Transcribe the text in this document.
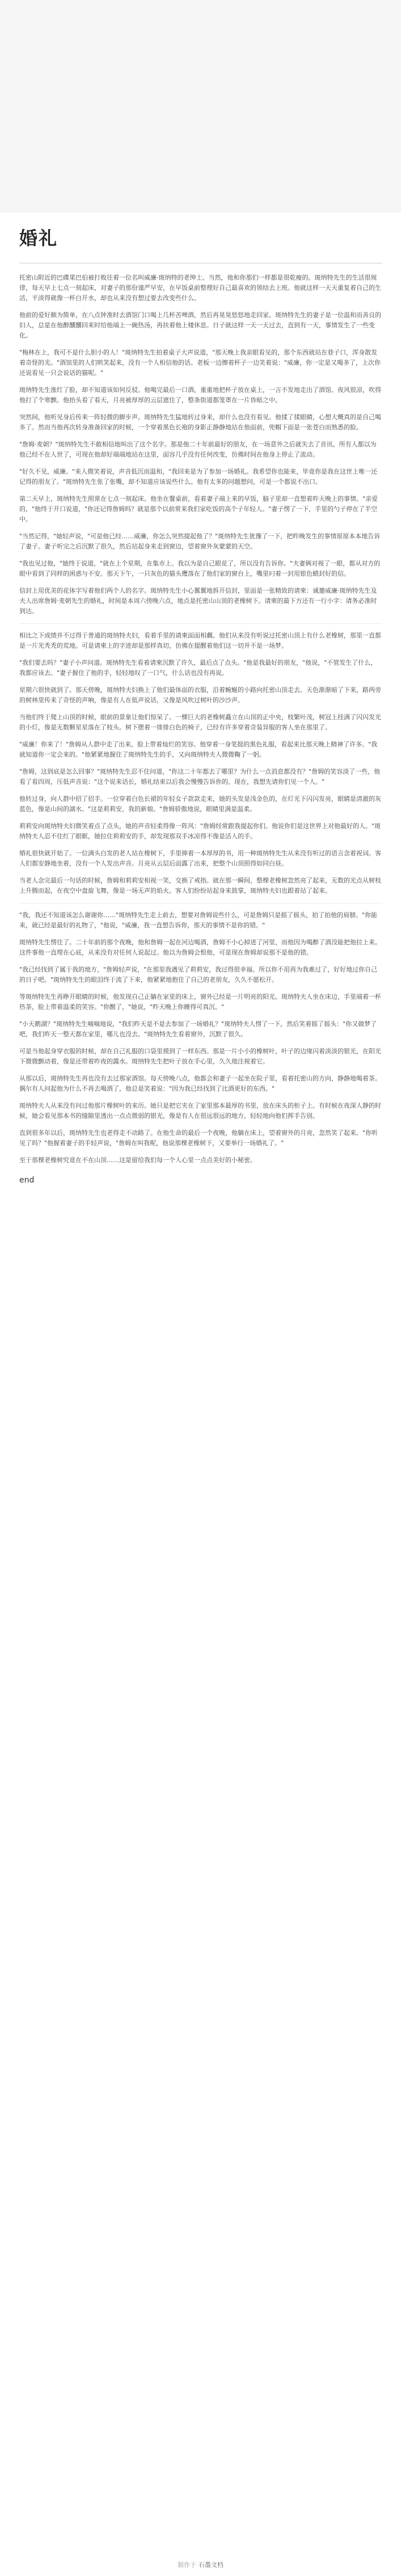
婚礼

托密山附近的巴碟果巴伯被打败往着一位名叫威廉·斑纳特的老绅士。当然，他和你那们一样都是很乾瘦的。斑纳特先生的生活很规律，每天早上七点一刻起床，对妻子的那份谨严早安，在早饭桌前整理好自己最喜欢的领结去上班。他就这样一天天重复着自己的生活，平淡得就像一杯白开水，却也从来没有想过要去改变些什么。

他前的爱好颇为简单，在八点钟准时去酒馆门口喝上几杯苦啤酒，然后再晃晃悠悠地走回家。斑纳特先生的妻子是一位温和而善良的妇人，总是在他醉醺醺回来时给他端上一碗热汤，再扶着他上楼休息。日子就这样一天一天过去，直到有一天，事情发生了一些变化。

"梅林在上，我可不是什么胆小的人！"斑纳特先生拍着桌子大声说道，"那天晚上我亲眼看见的，那个东西就站在巷子口，浑身散发着奇怪的光。"酒馆里的人们哄笑起来，没有一个人相信他的话。老板一边擦着杯子一边笑着说："威廉，你一定是又喝多了，上次你还说看见一只会说话的猫呢。"

斑纳特先生涨红了脸，却不知道该如何反驳。他喝完最后一口酒，重重地把杯子放在桌上，一言不发地走出了酒馆。夜风很凉，吹得他打了个寒颤。他抬头看了看天，月亮被厚厚的云层遮住了，整条街道都笼罩在一片昏暗之中。

突然间，他听见身后传来一阵轻微的脚步声。斑纳特先生猛地转过身来，却什么也没有看见。他揉了揉眼睛，心想大概真的是自己喝多了。然而当他再次转身准备回家的时候，一个穿着黑色长袍的身影正静静地站在他面前，兜帽下面是一张苍白而熟悉的脸。

"詹姆·麦朝？"斑纳特先生不敢相信地叫出了这个名字。那是他二十年前最好的朋友，在一场意外之后就失去了音讯。所有人都以为他已经不在人世了，可现在他却好端端地站在这里，面容几乎没有任何改变，仿佛时间在他身上停止了流动。

"好久不见，威廉。"来人微笑着说，声音低沉而温和，"我回来是为了参加一场婚礼。我希望你也能来，毕竟你是我在这世上唯一还记得的朋友了。"斑纳特先生张了张嘴，却不知道应该说些什么。他有太多的问题想问，可是一个都说不出口。

第二天早上，斑纳特先生照常在七点一刻起床。他坐在餐桌前，看着妻子端上来的早饭，脑子里却一直想着昨天晚上的事情。"亲爱的，"他终于开口说道，"你还记得詹姆吗？就是那个以前常来我们家吃饭的高个子年轻人。"妻子愣了一下，手里的勺子停在了半空中。

"当然记得，"她轻声说，"可是他已经……威廉，你怎么突然提起他了？"斑纳特先生犹豫了一下，把昨晚发生的事情原原本本地告诉了妻子。妻子听完之后沉默了很久，然后站起身来走到窗边，望着窗外灰蒙蒙的天空。

"我也见过他，"她终于说道，"就在上个星期，在集市上。我以为是自己眼花了，所以没有告诉你。"夫妻俩对视了一眼，都从对方的眼中看到了同样的困惑与不安。那天下午，一只灰色的猫头鹰落在了他们家的窗台上，嘴里叼着一封用银色蜡封好的信。

信封上用优美的花体字写着他们两个人的名字。斑纳特先生小心翼翼地拆开信封，里面是一张精致的请柬：诚邀威廉·斑纳特先生及夫人出席詹姆·麦朝先生的婚礼，时间是本周六傍晚六点，地点是托密山山顶的老橡树下。请柬的最下方还有一行小字：请务必准时到达。

相比之下成绩并不过得于普通的斑纳特夫妇，看着手里的请柬面面相觑。他们从来没有听说过托密山顶上有什么老橡树，那里一直都是一片光秃秃的荒地。可是请柬上的字迹却是那样真切，仿佛在提醒着他们这一切并不是一场梦。

"我们要去吗？"妻子小声问道。斑纳特先生看着请柬沉默了许久，最后点了点头。"他是我最好的朋友，"他说，"不管发生了什么，我都应该去。"妻子握住了他的手，轻轻地叹了一口气，什么话也没有再说。

星期六很快就到了。那天傍晚，斑纳特夫妇换上了他们最体面的衣服，沿着蜿蜒的小路向托密山顶走去。天色渐渐暗了下来，路两旁的树林里传来了奇怪的声响，像是有人在低声说话，又像是风吹过树叶的沙沙声。

当他们终于爬上山顶的时候，眼前的景象让他们惊呆了。一棵巨大的老橡树矗立在山顶的正中央，枝繁叶茂，树冠上挂满了闪闪发光的小灯，像是无数颗星星落在了枝头。树下摆着一排排白色的椅子，已经有许多穿着奇装异服的客人坐在那里了。

"威廉！你来了！"詹姆从人群中走了出来，脸上带着灿烂的笑容。他穿着一身笔挺的黑色礼服，看起来比那天晚上精神了许多。"我就知道你一定会来的。"他紧紧地握住了斑纳特先生的手，又向斑纳特夫人微微鞠了一躬。

"詹姆，这到底是怎么回事？"斑纳特先生忍不住问道，"你这二十年都去了哪里？为什么一点消息都没有？"詹姆的笑容淡了一些，他看了看四周，压低声音说："这个说来话长，婚礼结束以后我会慢慢告诉你的。现在，我想先请你们见一个人。"

他转过身，向人群中招了招手。一位穿着白色长裙的年轻女子款款走来，她的头发是浅金色的，在灯光下闪闪发亮，眼睛是清澈的灰蓝色，像是山间的湖水。"这是莉莉安，我的新娘。"詹姆骄傲地说，眼睛里满是温柔。

莉莉安向斑纳特夫妇微笑着点了点头，她的声音轻柔得像一阵风："詹姆经常跟我提起你们。他说你们是这世界上对他最好的人。"斑纳特夫人忍不住红了眼眶，她拉住莉莉安的手，却发现那双手冰凉得不像是活人的手。

婚礼很快就开始了。一位满头白发的老人站在橡树下，手里捧着一本厚厚的书，用一种斑纳特先生从来没有听过的语言念着祝词。客人们都安静地坐着，没有一个人发出声音。月亮从云层后面露了出来，把整个山顶照得如同白昼。

当老人念完最后一句话的时候，詹姆和莉莉安相视一笑，交换了戒指。就在那一瞬间，整棵老橡树忽然亮了起来，无数的光点从树枝上升腾而起，在夜空中盘旋飞舞，像是一场无声的焰火。客人们纷纷站起身来鼓掌，斑纳特夫妇也跟着站了起来。

"我，我还不知道该怎么谢谢你……"斑纳特先生走上前去，想要对詹姆说些什么，可是詹姆只是摇了摇头，拍了拍他的肩膀。"你能来，就已经是最好的礼物了，"他说，"威廉，我一直想告诉你，那天的事情不是你的错。"

斑纳特先生愣住了。二十年前的那个夜晚，他和詹姆一起在河边喝酒，詹姆不小心掉进了河里，而他因为喝醉了酒没能把他拉上来。这件事他一直埋在心底，从来没有对任何人说起过。他以为詹姆会恨他，可是现在詹姆却说那不是他的错。

"我已经找到了属于我的地方，"詹姆轻声说，"在那里我遇见了莉莉安，我过得很幸福。所以你不用再为我难过了，好好地过你自己的日子吧。"斑纳特先生的眼泪终于流了下来，他紧紧地抱住了自己的老朋友，久久不愿松开。

等斑纳特先生再睁开眼睛的时候，他发现自己正躺在家里的床上，窗外已经是一片明亮的阳光。斑纳特夫人坐在床边，手里端着一杯热茶，脸上带着温柔的笑容。"你醒了，"她说，"昨天晚上你睡得可真沉。"

"小天鹅湖？"斑纳特先生喃喃地说，"我们昨天是不是去参加了一场婚礼？"斑纳特夫人愣了一下，然后笑着摇了摇头："你又做梦了吧，我们昨天一整天都在家里，哪儿也没去。"斑纳特先生看着窗外，沉默了很久。

可是当他起身穿衣服的时候，却在自己礼服的口袋里摸到了一样东西。那是一片小小的橡树叶，叶子的边缘闪着淡淡的银光，在阳光下微微颤动着，像是还带着昨夜的露水。斑纳特先生把叶子放在手心里，久久地注视着它。

从那以后，斑纳特先生再也没有去过那家酒馆。每天傍晚八点，他都会和妻子一起坐在院子里，看着托密山的方向，静静地喝着茶。偶尔有人问起他为什么不再去喝酒了，他总是笑着说："因为我已经找到了比酒更好的东西。"

斑纳特夫人从来没有问过他那片橡树叶的来历。她只是把它夹在了家里那本最厚的书里，放在床头的柜子上。有时候在夜深人静的时候，她会看见那本书的缝隙里透出一点点微弱的银光，像是有人在很远很远的地方，轻轻地向他们挥手告别。

直到很多年以后，斑纳特先生也老得走不动路了。在他生命的最后一个夜晚，他躺在床上，望着窗外的月亮，忽然笑了起来。"你听见了吗？"他握着妻子的手轻声说，"詹姆在叫我呢，他说那棵老橡树下，又要举行一场婚礼了。"

至于那棵老橡树究竟在不在山顶……这是留给我们每一个人心里一点点美好的小秘密。

end
制作于 石墨文档
